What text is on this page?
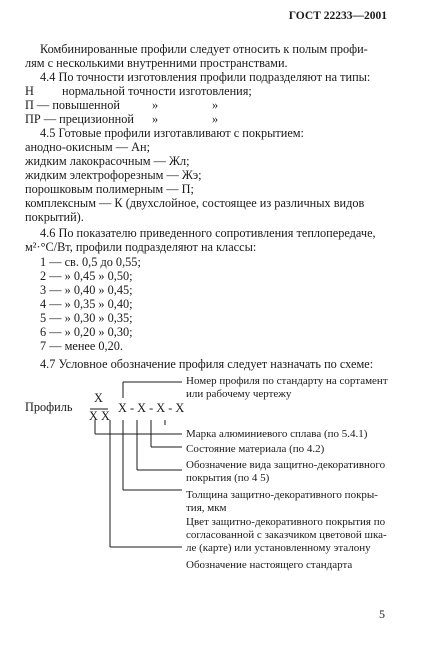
ГОСТ 22233—2001
Комбинированные профили следует относить к полым профи-
лям с несколькими внутренними пространствами.
4.4 По точности изготовления профили подразделяют на типы:
Н нормальной точности изготовления;
П — повышенной	»	»
ПР — прецизионной »	»
4.5 Готовые профили изготавливают с покрытием:
анодно-окисным — Ан;
жидким лакокрасочным — Жл;
жидким электрофорезным — Жэ;
порошковым полимерным — П;
комплексным — К (двухслойное, состоящее из различных видов
покрытий).
4.6 По показателю приведенного сопротивления теплопередаче,
м²·°С/Вт, профили подразделяют на классы:
1 — св. 0,5 до 0,55;
2 — » 0,45 » 0,50;
3 — » 0,40 » 0,45;
4 — » 0,35 » 0,40;
5 — » 0,30 » 0,35;
6 — » 0,20 » 0,30;
7 — менее 0,20.
4.7 Условное обозначение профиля следует назначать по схеме:
Профиль
X
X X
X - X - X - X
Номер профиля по стандарту на сортамент
или рабочему чертежу
Марка алюминиевого сплава (по 5.4.1)
Состояние материала (по 4.2)
Обозначение вида защитно-декоративного
покрытия (по 4 5)
Толщина защитно-декоративного покры-
тия, мкм
Цвет защитно-декоративного покрытия по
согласованной с заказчиком цветовой шка-
ле (карте) или установленному эталону
Обозначение настоящего стандарта
5
